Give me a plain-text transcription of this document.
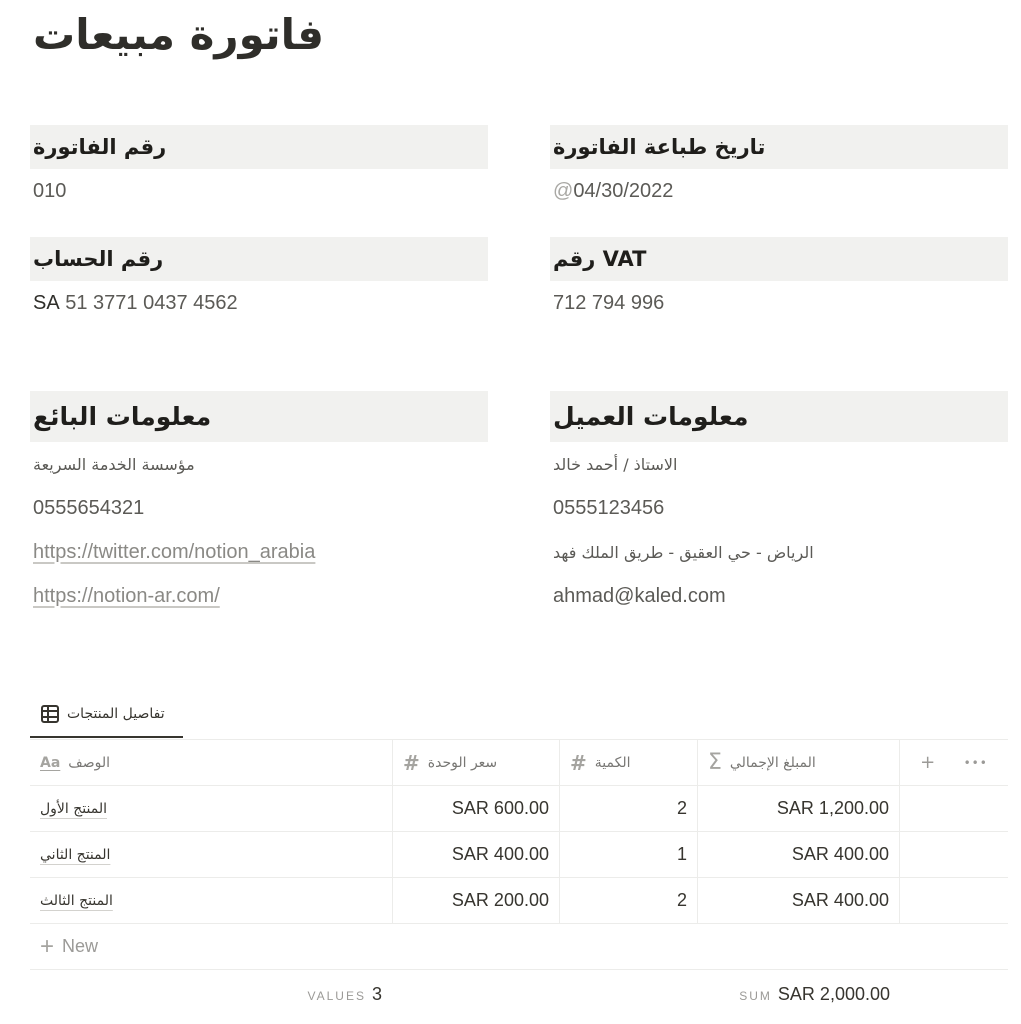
فاتورة مبيعات
رقم الفاتورة
010
رقم الحساب
SA 51 3771 0437 4562
تاريخ طباعة الفاتورة
@ 04/30/2022
رقم VAT
712 794 996
معلومات البائع
مؤسسة الخدمة السريعة
0555654321
https://twitter.com/notion_arabia
https://notion-ar.com/
معلومات العميل
الاستاذ / أحمد خالد
0555123456
الرياض - حي العقيق - طريق الملك فهد
ahmad@kaled.com
تفاصيل المنتجات
Aa الوصف	# سعر الوحدة	# الكمية	Σ المبلغ الإجمالي	+ •••
المنتج الأول	SAR 600.00	2	SAR 1,200.00
المنتج الثاني	SAR 400.00	1	SAR 400.00
المنتج الثالث	SAR 200.00	2	SAR 400.00
+ New
VALUES 3	SUM SAR 2,000.00
